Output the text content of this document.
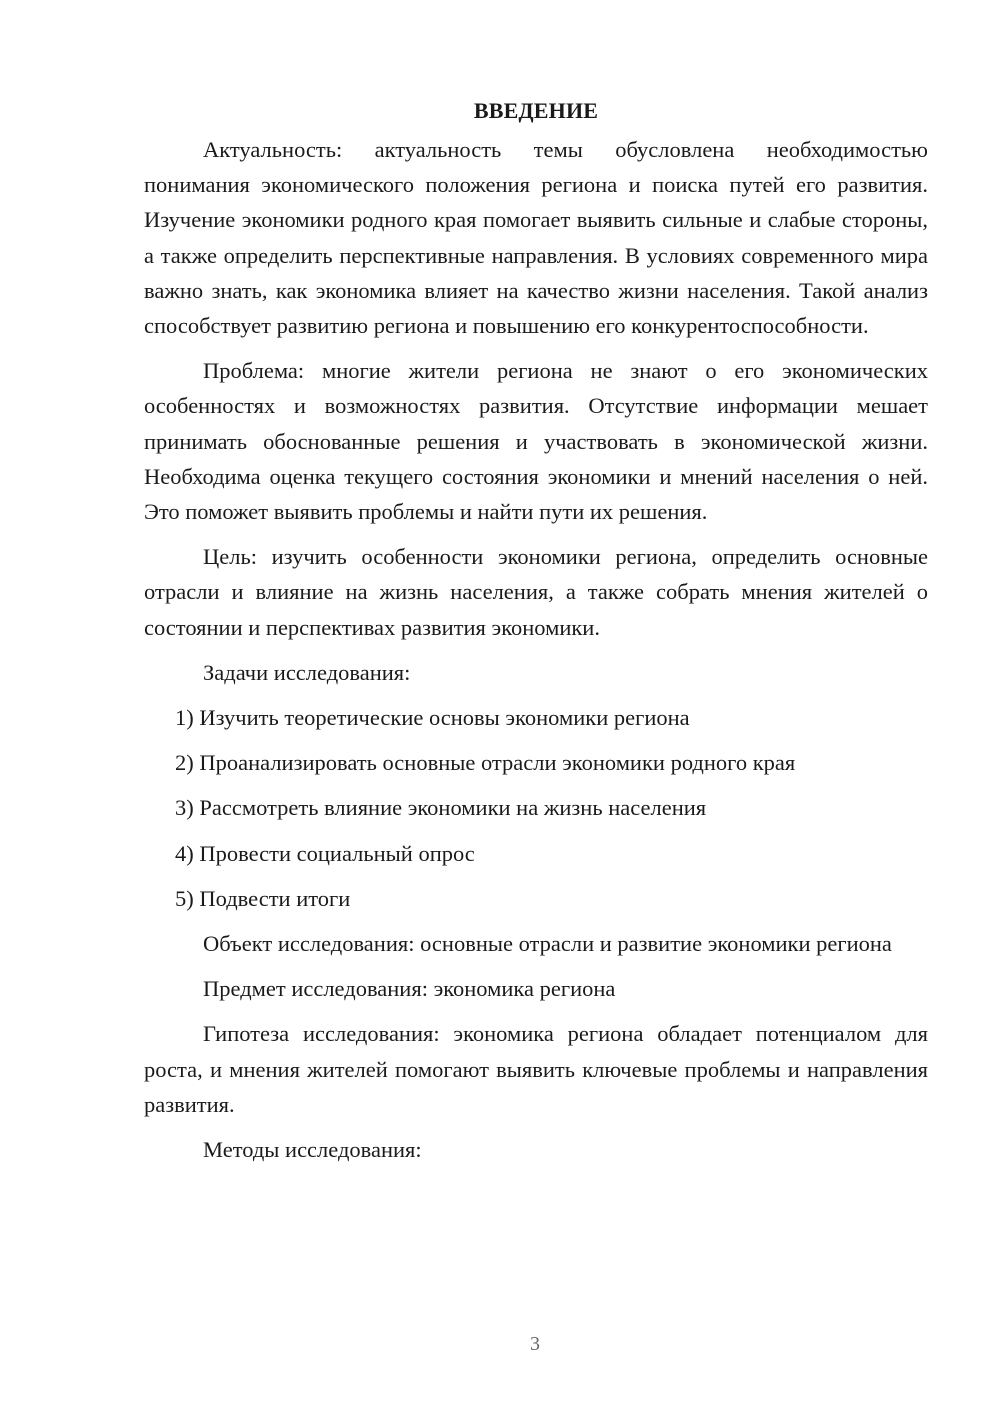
ВВЕДЕНИЕ

Актуальность: актуальность темы обусловлена необходимостью понимания экономического положения региона и поиска путей его развития. Изучение экономики родного края помогает выявить сильные и слабые стороны, а также определить перспективные направления. В условиях современного мира важно знать, как экономика влияет на качество жизни населения. Такой анализ способствует развитию региона и повышению его конкурентоспособности.

Проблема: многие жители региона не знают о его экономических особенностях и возможностях развития. Отсутствие информации мешает принимать обоснованные решения и участвовать в экономической жизни. Необходима оценка текущего состояния экономики и мнений населения о ней. Это поможет выявить проблемы и найти пути их решения.

Цель: изучить особенности экономики региона, определить основные отрасли и влияние на жизнь населения, а также собрать мнения жителей о состоянии и перспективах развития экономики.

Задачи исследования:
1) Изучить теоретические основы экономики региона
2) Проанализировать основные отрасли экономики родного края
3) Рассмотреть влияние экономики на жизнь населения
4) Провести социальный опрос
5) Подвести итоги

Объект исследования: основные отрасли и развитие экономики региона

Предмет исследования: экономика региона

Гипотеза исследования: экономика региона обладает потенциалом для роста, и мнения жителей помогают выявить ключевые проблемы и направления развития.

Методы исследования:

3
